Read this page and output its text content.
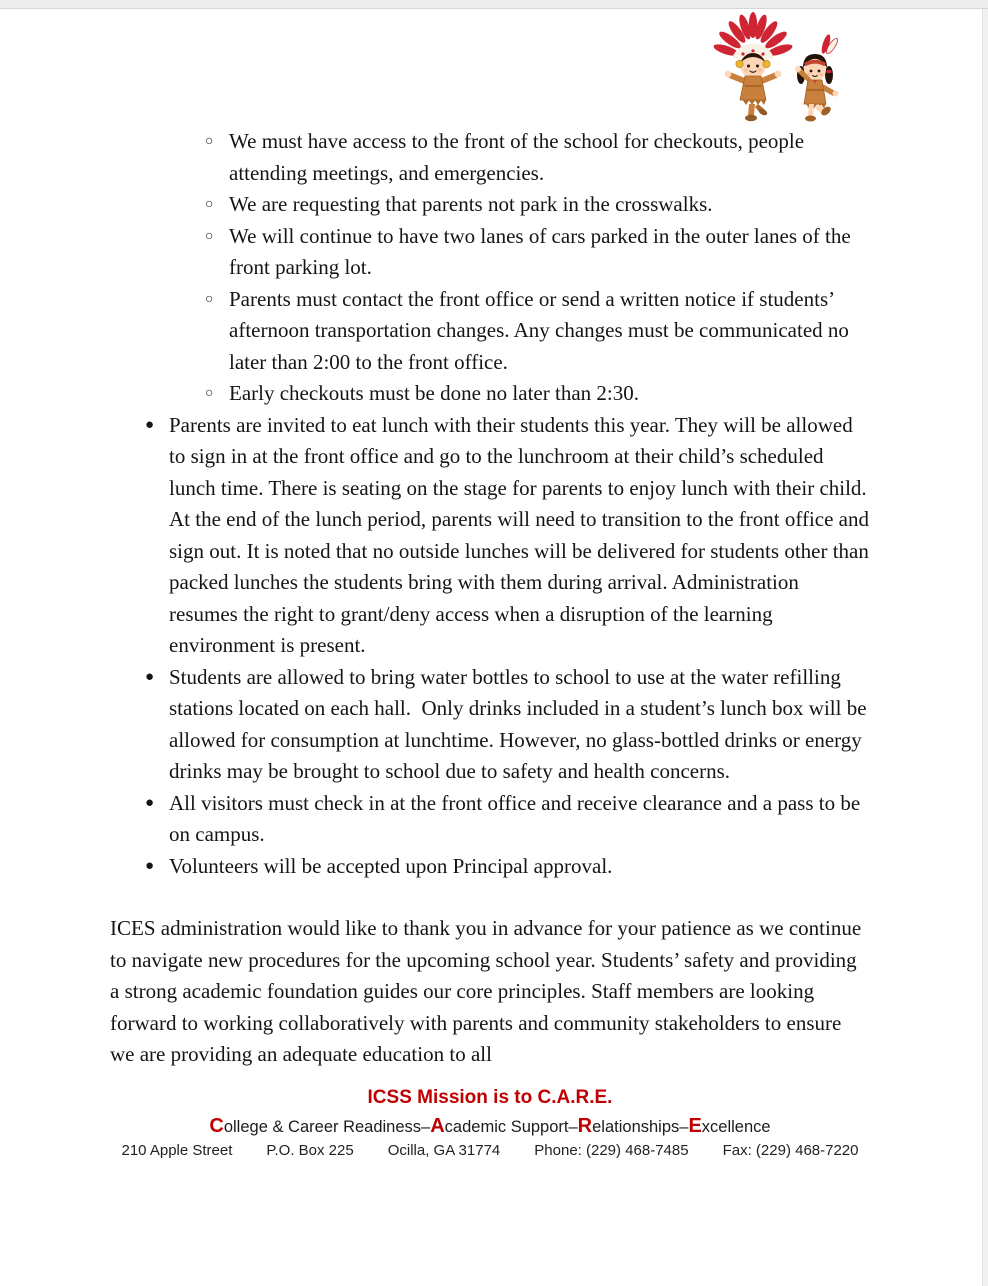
○ We must have access to the front of the school for checkouts, people attending meetings, and emergencies.
○ We are requesting that parents not park in the crosswalks.
○ We will continue to have two lanes of cars parked in the outer lanes of the front parking lot.
○ Parents must contact the front office or send a written notice if students’ afternoon transportation changes. Any changes must be communicated no later than 2:00 to the front office.
○ Early checkouts must be done no later than 2:30.
● Parents are invited to eat lunch with their students this year. They will be allowed to sign in at the front office and go to the lunchroom at their child’s scheduled lunch time. There is seating on the stage for parents to enjoy lunch with their child. At the end of the lunch period, parents will need to transition to the front office and sign out. It is noted that no outside lunches will be delivered for students other than packed lunches the students bring with them during arrival. Administration resumes the right to grant/deny access when a disruption of the learning environment is present.
● Students are allowed to bring water bottles to school to use at the water refilling stations located on each hall.  Only drinks included in a student’s lunch box will be allowed for consumption at lunchtime. However, no glass-bottled drinks or energy drinks may be brought to school due to safety and health concerns.
● All visitors must check in at the front office and receive clearance and a pass to be on campus.
● Volunteers will be accepted upon Principal approval.

ICES administration would like to thank you in advance for your patience as we continue to navigate new procedures for the upcoming school year. Students’ safety and providing a strong academic foundation guides our core principles. Staff members are looking forward to working collaboratively with parents and community stakeholders to ensure we are providing an adequate education to all

ICSS Mission is to C.A.R.E.
College & Career Readiness–Academic Support–Relationships–Excellence
210 Apple Street P.O. Box 225 Ocilla, GA 31774 Phone: (229) 468-7485 Fax: (229) 468-7220
